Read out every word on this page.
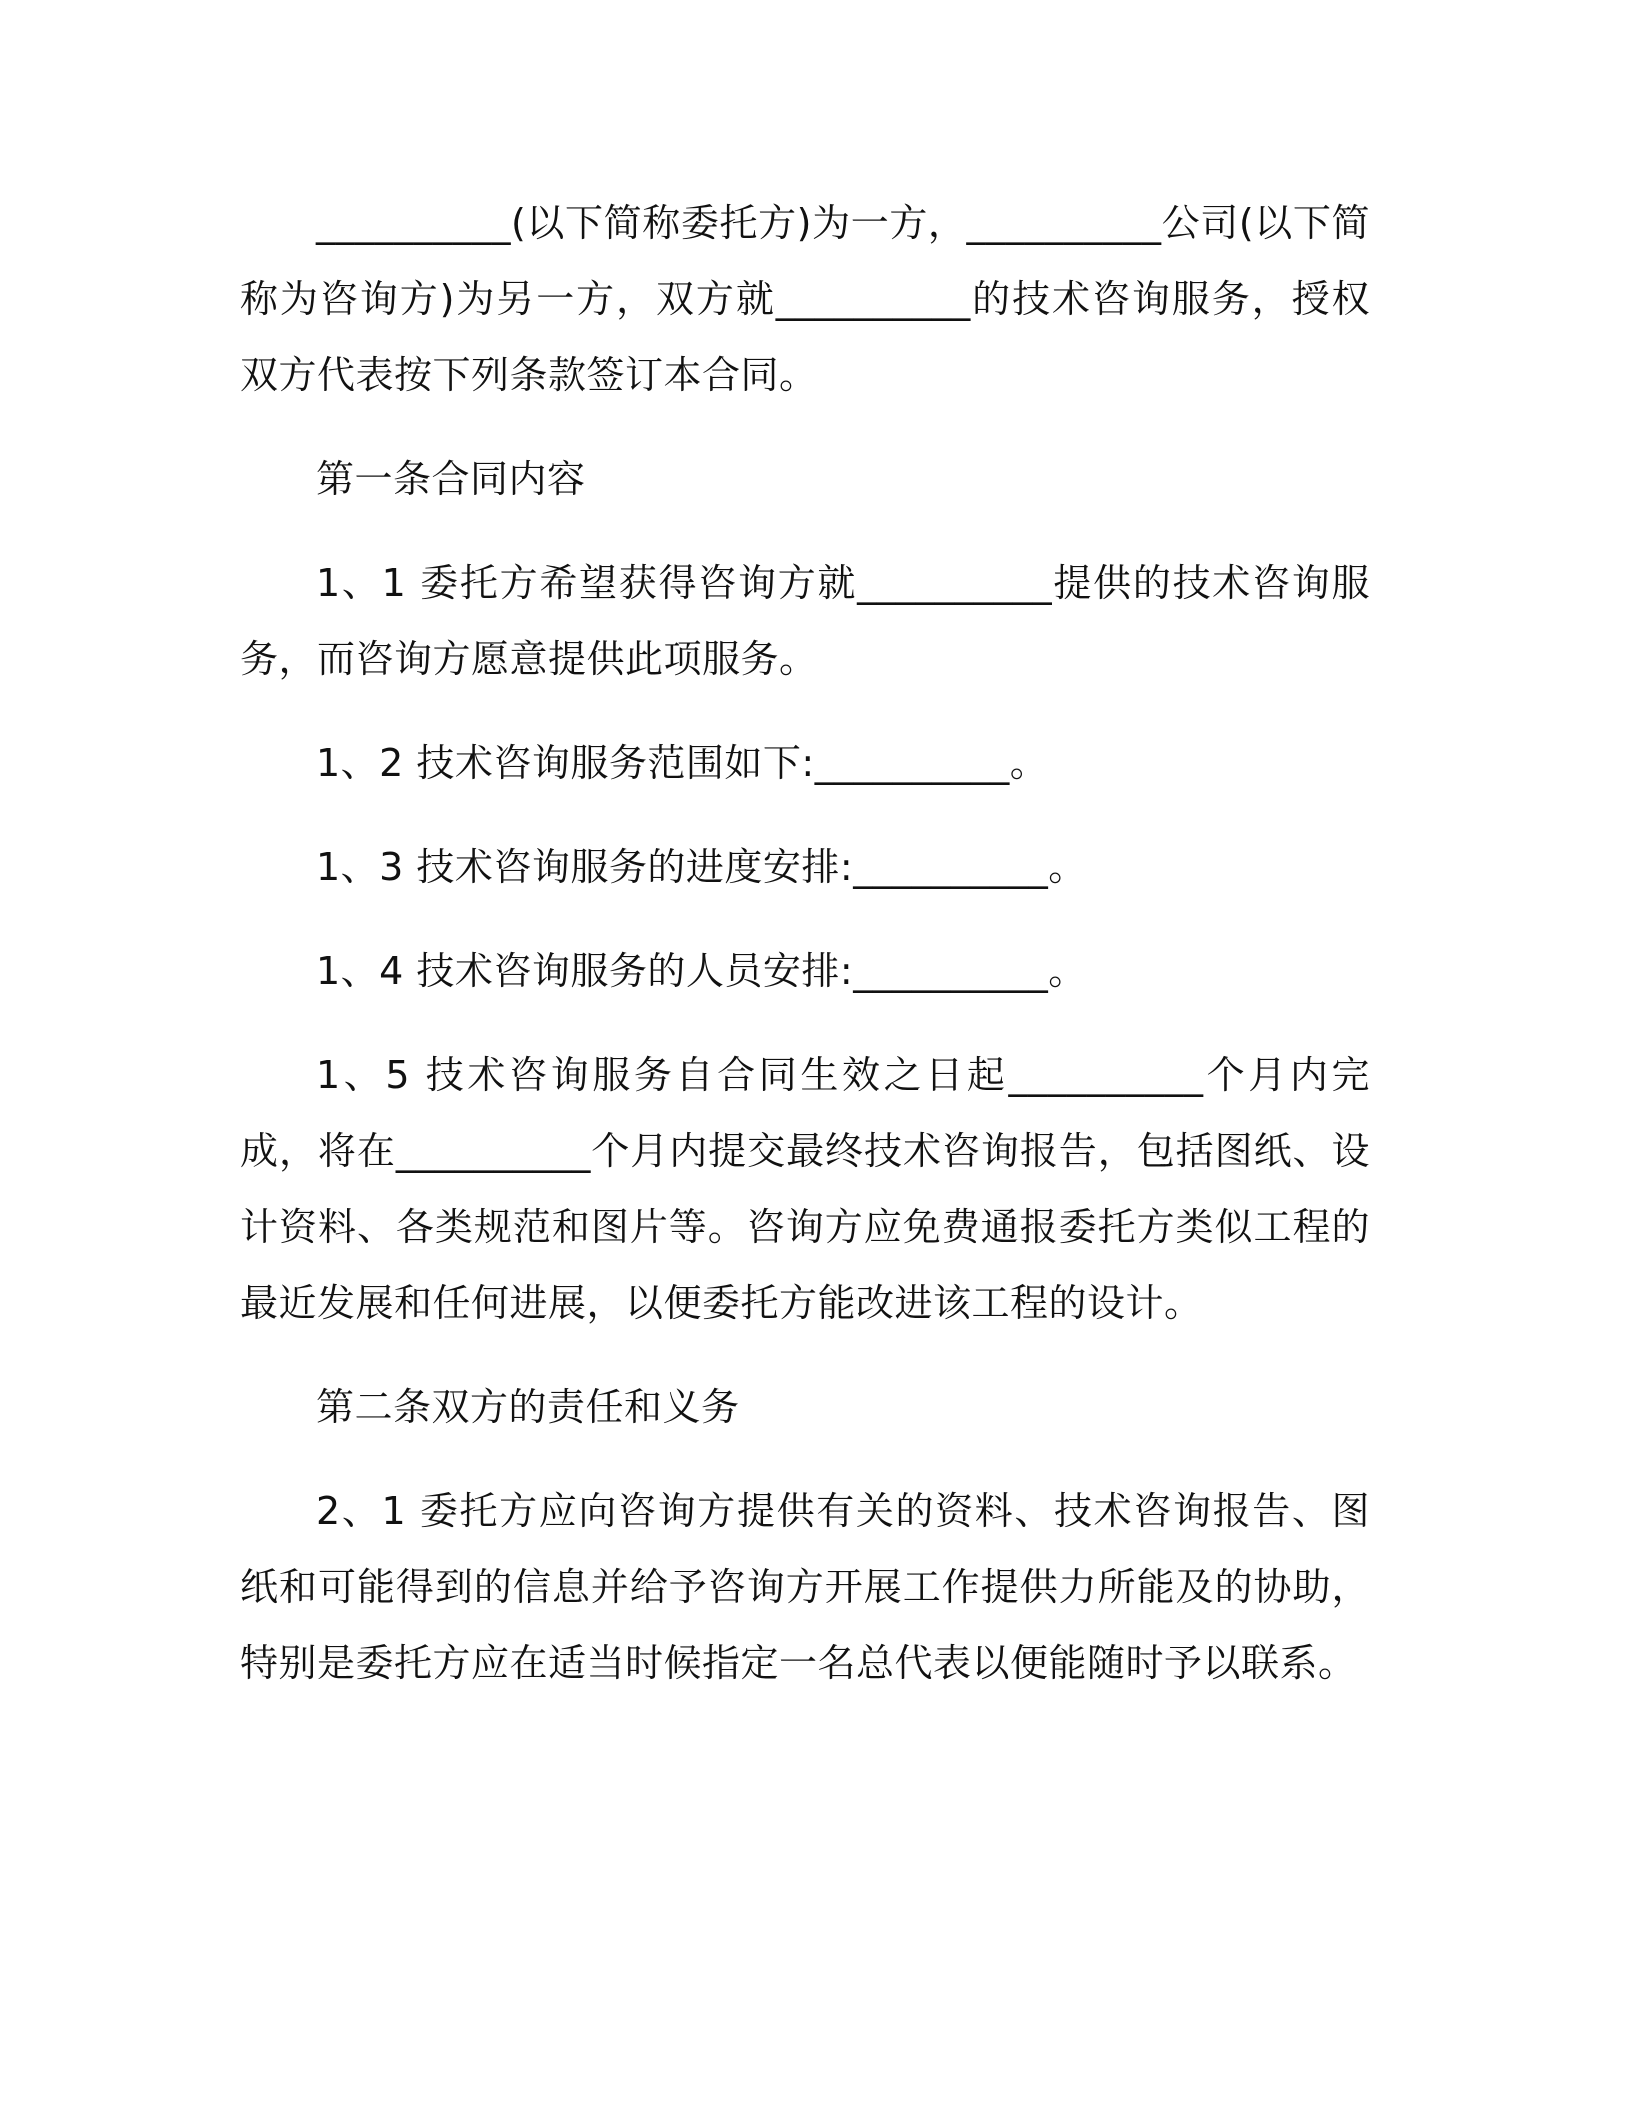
__________(以下简称委托方)为一方，__________公司(以下简称为咨询方)为另一方，双方就__________的技术咨询服务，授权双方代表按下列条款签订本合同。

第一条合同内容

1、1 委托方希望获得咨询方就__________提供的技术咨询服务，而咨询方愿意提供此项服务。

1、2 技术咨询服务范围如下:__________。

1、3 技术咨询服务的进度安排:__________。

1、4 技术咨询服务的人员安排:__________。

1、5 技术咨询服务自合同生效之日起__________个月内完成，将在__________个月内提交最终技术咨询报告，包括图纸、设计资料、各类规范和图片等。咨询方应免费通报委托方类似工程的最近发展和任何进展，以便委托方能改进该工程的设计。

第二条双方的责任和义务

2、1 委托方应向咨询方提供有关的资料、技术咨询报告、图纸和可能得到的信息并给予咨询方开展工作提供力所能及的协助，特别是委托方应在适当时候指定一名总代表以便能随时予以联系。
